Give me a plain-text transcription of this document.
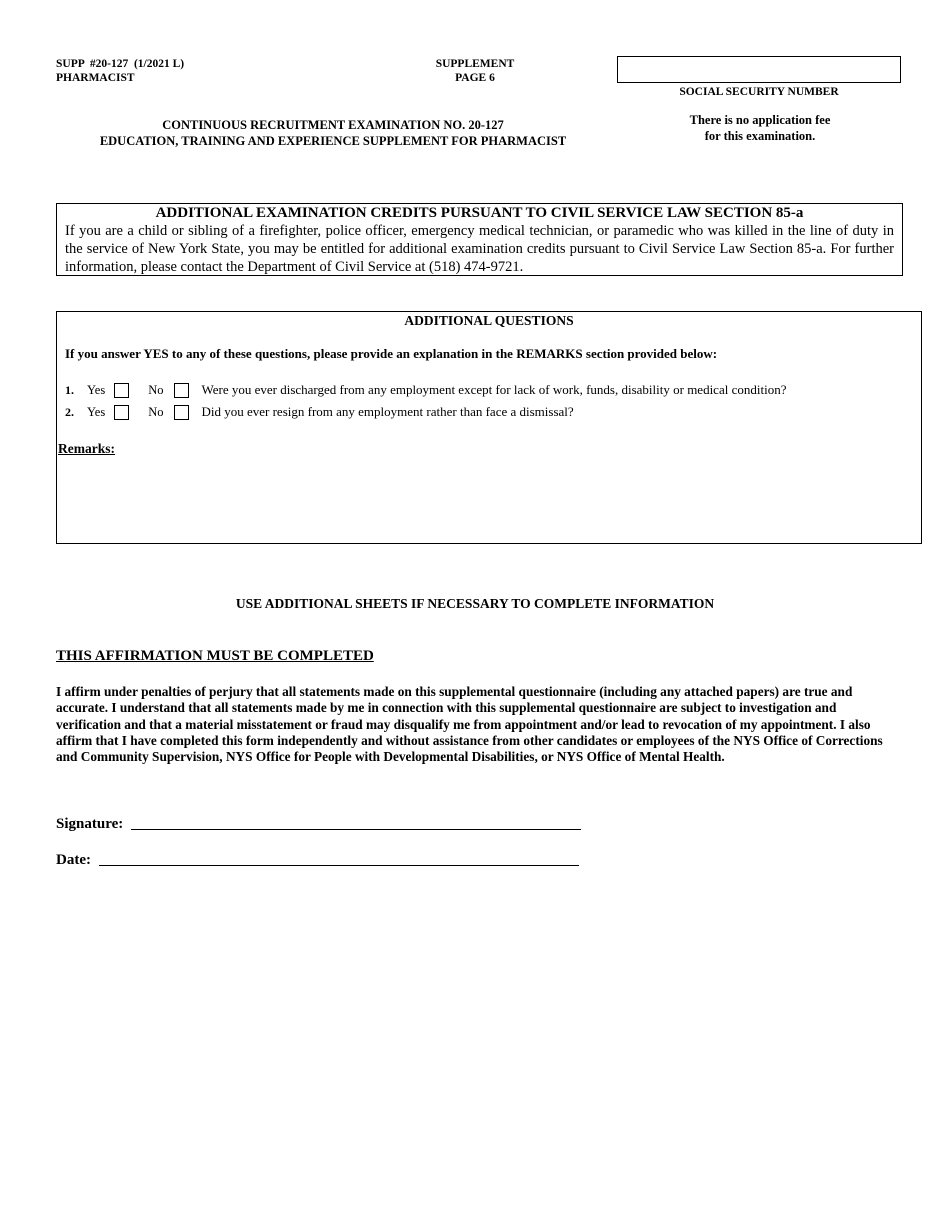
SUPP  #20-127  (1/2021 L)
PHARMACIST
SUPPLEMENT
PAGE 6
SOCIAL SECURITY NUMBER
There is no application fee
for this examination.
CONTINUOUS RECRUITMENT EXAMINATION NO. 20-127
EDUCATION, TRAINING AND EXPERIENCE SUPPLEMENT FOR PHARMACIST
ADDITIONAL EXAMINATION CREDITS PURSUANT TO CIVIL SERVICE LAW SECTION 85-a
If you are a child or sibling of a firefighter, police officer, emergency medical technician, or paramedic who was killed in the line of duty in the service of New York State, you may be entitled for additional examination credits pursuant to Civil Service Law Section 85-a. For further information, please contact the Department of Civil Service at (518) 474-9721.
ADDITIONAL QUESTIONS
If you answer YES to any of these questions, please provide an explanation in the REMARKS section provided below:
1.	Yes	No	Were you ever discharged from any employment except for lack of work, funds, disability or medical condition?
2.	Yes	No	Did you ever resign from any employment rather than face a dismissal?
Remarks:
USE ADDITIONAL SHEETS IF NECESSARY TO COMPLETE INFORMATION
THIS AFFIRMATION MUST BE COMPLETED
I affirm under penalties of perjury that all statements made on this supplemental questionnaire (including any attached papers) are true and accurate. I understand that all statements made by me in connection with this supplemental questionnaire are subject to investigation and verification and that a material misstatement or fraud may disqualify me from appointment and/or lead to revocation of my appointment. I also affirm that I have completed this form independently and without assistance from other candidates or employees of the NYS Office of Corrections and Community Supervision, NYS Office for People with Developmental Disabilities, or NYS Office of Mental Health.
Signature:
Date:
